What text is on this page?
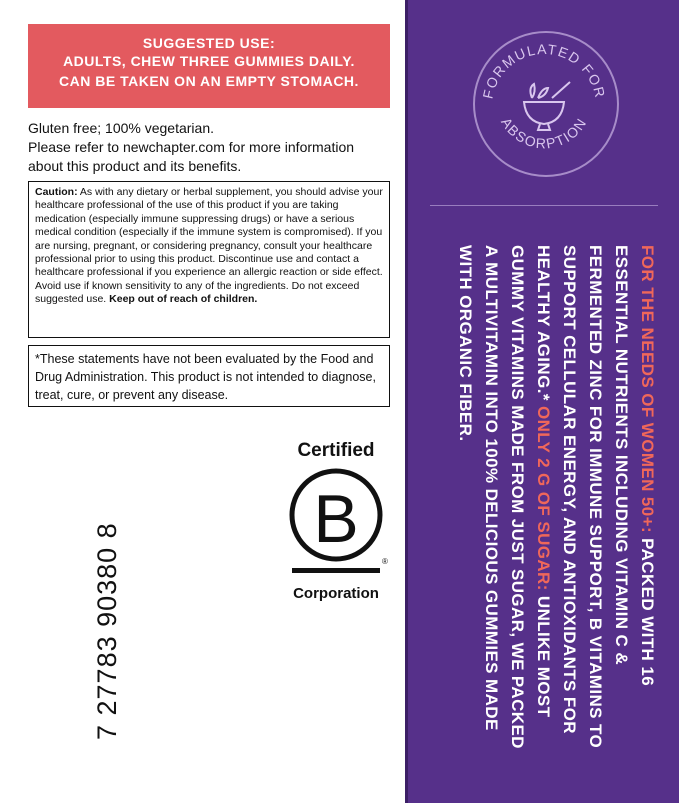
SUGGESTED USE:
ADULTS, CHEW THREE GUMMIES DAILY.
CAN BE TAKEN ON AN EMPTY STOMACH.
Gluten free; 100% vegetarian.
Please refer to newchapter.com for more information about this product and its benefits.
Caution: As with any dietary or herbal supplement, you should advise your healthcare professional of the use of this product if you are taking medication (especially immune suppressing drugs) or have a serious medical condition (especially if the immune system is compromised). If you are nursing, pregnant, or considering pregnancy, consult your healthcare professional prior to using this product. Discontinue use and contact a healthcare professional if you experience an allergic reaction or side effect. Avoid use if known sensitivity to any of the ingredients. Do not exceed suggested use. Keep out of reach of children.
*These statements have not been evaluated by the Food and Drug Administration. This product is not intended to diagnose, treat, cure, or prevent any disease.
7 27783 90380 8
Certified
B
®
Corporation
FORMULATED FOR
ABSORPTION
FOR THE NEEDS OF WOMEN 50+: PACKED WITH 16 ESSENTIAL NUTRIENTS INCLUDING VITAMIN C & FERMENTED ZINC FOR IMMUNE SUPPORT, B VITAMINS TO SUPPORT CELLULAR ENERGY, AND ANTIOXIDANTS FOR HEALTHY AGING.* ONLY 2 G OF SUGAR: UNLIKE MOST GUMMY VITAMINS MADE FROM JUST SUGAR, WE PACKED A MULTIVITAMIN INTO 100% DELICIOUS GUMMIES MADE WITH ORGANIC FIBER.
